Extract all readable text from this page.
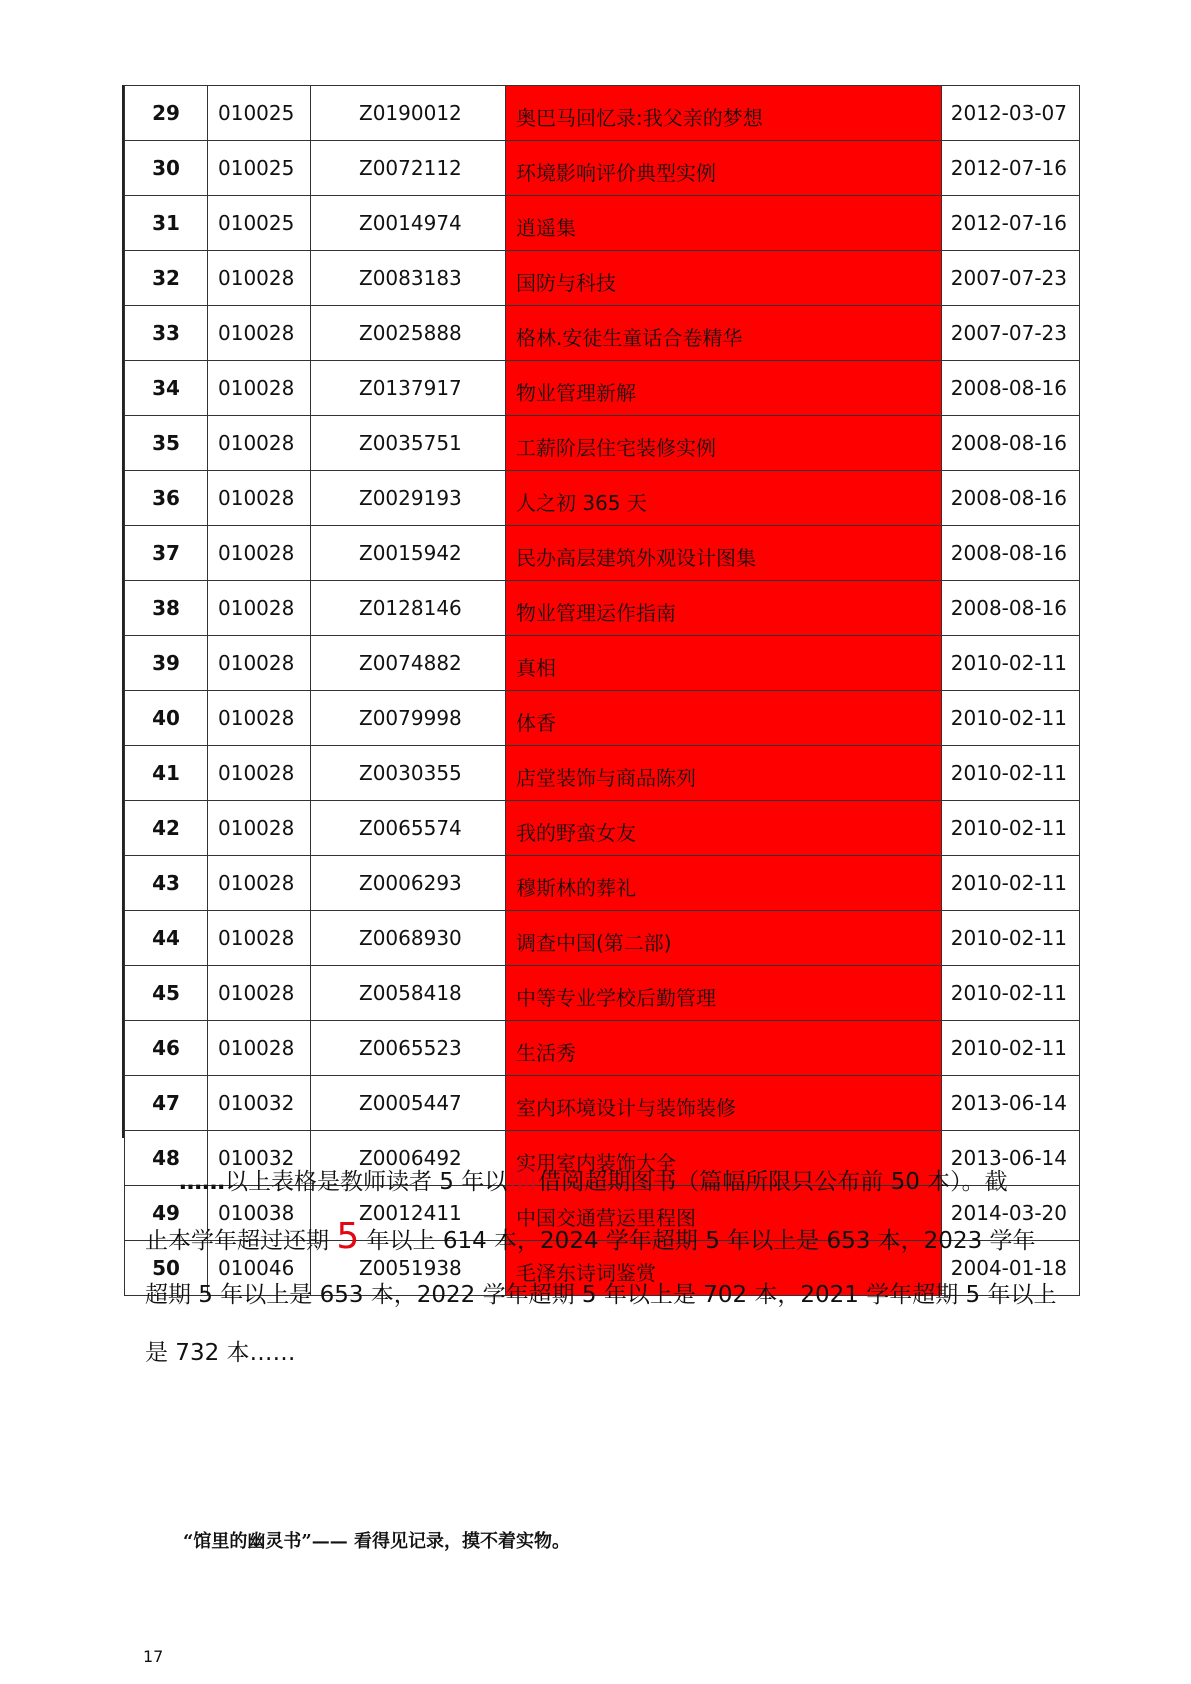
29	010025	Z0190012	奥巴马回忆录:我父亲的梦想	2012-03-07
30	010025	Z0072112	环境影响评价典型实例	2012-07-16
31	010025	Z0014974	逍遥集	2012-07-16
32	010028	Z0083183	国防与科技	2007-07-23
33	010028	Z0025888	格林.安徒生童话合卷精华	2007-07-23
34	010028	Z0137917	物业管理新解	2008-08-16
35	010028	Z0035751	工薪阶层住宅装修实例	2008-08-16
36	010028	Z0029193	人之初 365 天	2008-08-16
37	010028	Z0015942	民办高层建筑外观设计图集	2008-08-16
38	010028	Z0128146	物业管理运作指南	2008-08-16
39	010028	Z0074882	真相	2010-02-11
40	010028	Z0079998	体香	2010-02-11
41	010028	Z0030355	店堂装饰与商品陈列	2010-02-11
42	010028	Z0065574	我的野蛮女友	2010-02-11
43	010028	Z0006293	穆斯林的葬礼	2010-02-11
44	010028	Z0068930	调查中国(第二部)	2010-02-11
45	010028	Z0058418	中等专业学校后勤管理	2010-02-11
46	010028	Z0065523	生活秀	2010-02-11
47	010032	Z0005447	室内环境设计与装饰装修	2013-06-14
48	010032	Z0006492	实用室内装饰大全	2013-06-14
49	010038	Z0012411	中国交通营运里程图	2014-03-20
50	010046	Z0051938	毛泽东诗词鉴赏	2004-01-18
……以上表格是教师读者 5 年以前借阅超期图书（篇幅所限只公布前 50 本）。截
止本学年超过还期 5 年以上 614 本，2024 学年超期 5 年以上是 653 本，2023 学年
超期 5 年以上是 653 本，2022 学年超期 5 年以上是 702 本，2021 学年超期 5 年以上
是 732 本……
“馆里的幽灵书”—— 看得见记录，摸不着实物。
17
